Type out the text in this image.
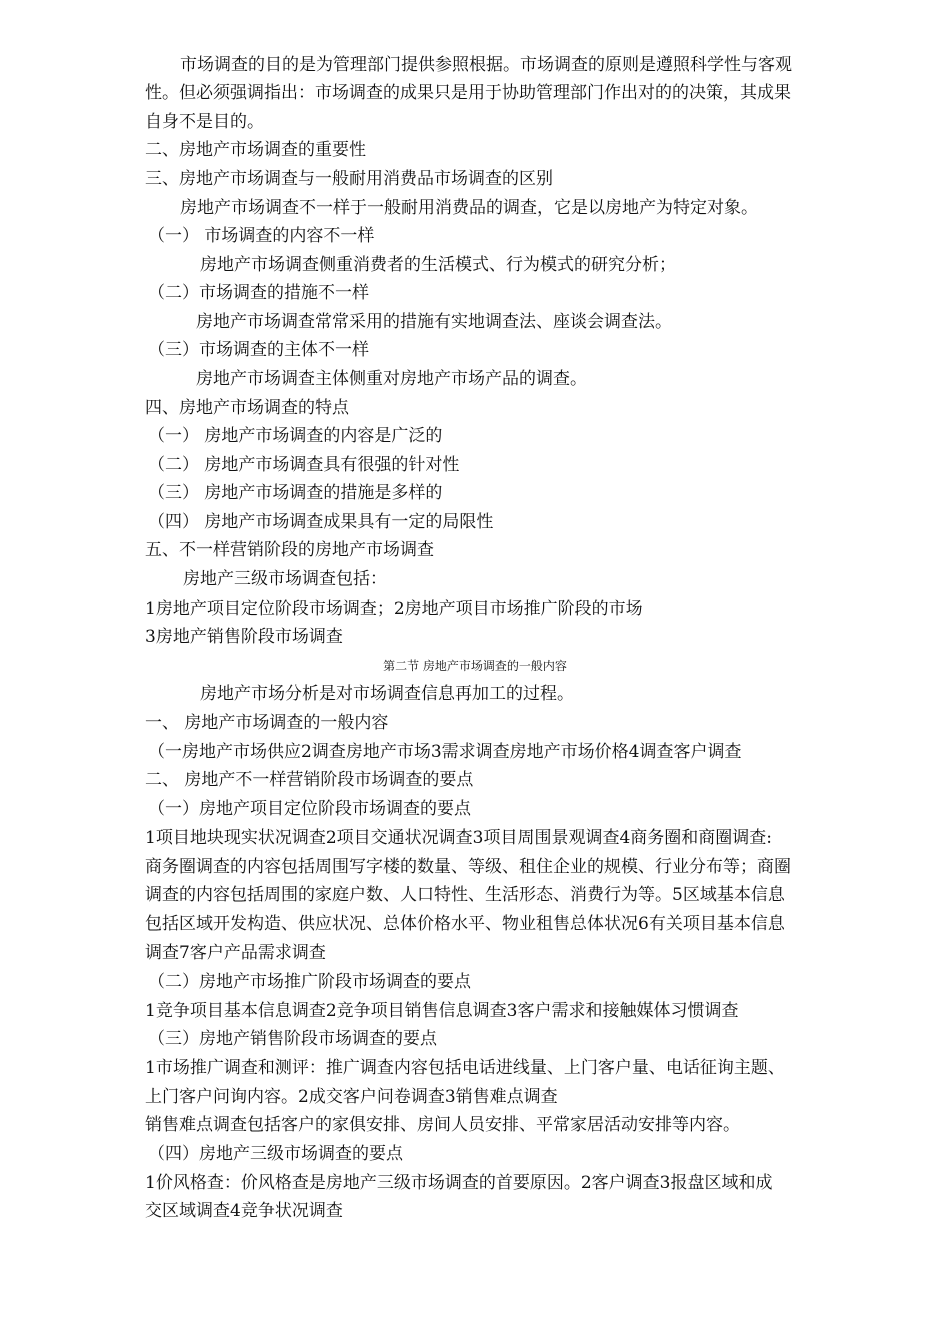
市场调查的目的是为管理部门提供参照根据。市场调查的原则是遵照科学性与客观
性。但必须强调指出：市场调查的成果只是用于协助管理部门作出对的的决策，其成果
自身不是目的。
二、房地产市场调查的重要性
三、房地产市场调查与一般耐用消费品市场调查的区别
房地产市场调查不一样于一般耐用消费品的调查，它是以房地产为特定对象。
（一） 市场调查的内容不一样
房地产市场调查侧重消费者的生活模式、行为模式的研究分析；
（二）市场调查的措施不一样
房地产市场调查常常采用的措施有实地调查法、座谈会调查法。
（三）市场调查的主体不一样
房地产市场调查主体侧重对房地产市场产品的调查。
四、房地产市场调查的特点
（一） 房地产市场调查的内容是广泛的
（二） 房地产市场调查具有很强的针对性
（三） 房地产市场调查的措施是多样的
（四） 房地产市场调查成果具有一定的局限性
五、不一样营销阶段的房地产市场调查
房地产三级市场调查包括：
1房地产项目定位阶段市场调查；2房地产项目市场推广阶段的市场
3房地产销售阶段市场调查
第二节 房地产市场调查的一般内容
房地产市场分析是对市场调查信息再加工的过程。
一、 房地产市场调查的一般内容
（一房地产市场供应2调查房地产市场3需求调查房地产市场价格4调查客户调查
二、 房地产不一样营销阶段市场调查的要点
（一）房地产项目定位阶段市场调查的要点
1项目地块现实状况调查2项目交通状况调查3项目周围景观调查4商务圈和商圈调查:
商务圈调查的内容包括周围写字楼的数量、等级、租住企业的规模、行业分布等；商圈
调查的内容包括周围的家庭户数、人口特性、生活形态、消费行为等。5区域基本信息
包括区域开发构造、供应状况、总体价格水平、物业租售总体状况6有关项目基本信息
调查7客户产品需求调查
（二）房地产市场推广阶段市场调查的要点
1竞争项目基本信息调查2竞争项目销售信息调查3客户需求和接触媒体习惯调查
（三）房地产销售阶段市场调查的要点
1市场推广调查和测评：推广调查内容包括电话进线量、上门客户量、电话征询主题、
上门客户问询内容。2成交客户问卷调查3销售难点调查
销售难点调查包括客户的家俱安排、房间人员安排、平常家居活动安排等内容。
（四）房地产三级市场调查的要点
1价风格查：价风格查是房地产三级市场调查的首要原因。2客户调查3报盘区域和成
交区域调查4竞争状况调查
